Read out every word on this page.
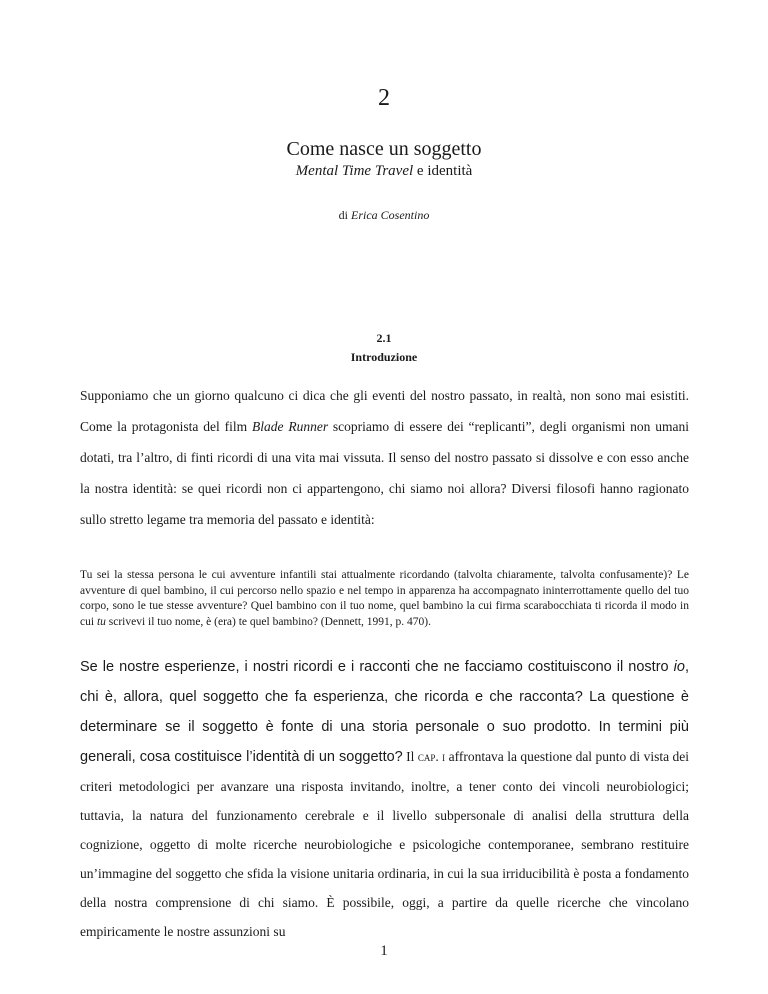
2
Come nasce un soggetto
Mental Time Travel e identità
di Erica Cosentino
2.1
Introduzione

Supponiamo che un giorno qualcuno ci dica che gli eventi del nostro passato, in realtà, non sono mai esistiti. Come la protagonista del film Blade Runner scopriamo di essere dei “replicanti”, degli organismi non umani dotati, tra l’altro, di finti ricordi di una vita mai vissuta. Il senso del nostro passato si dissolve e con esso anche la nostra identità: se quei ricordi non ci appartengono, chi siamo noi allora? Diversi filosofi hanno ragionato sullo stretto legame tra memoria del passato e identità:

Tu sei la stessa persona le cui avventure infantili stai attualmente ricordando (talvolta chiaramente, talvolta confusamente)? Le avventure di quel bambino, il cui percorso nello spazio e nel tempo in apparenza ha accompagnato ininterrottamente quello del tuo corpo, sono le tue stesse avventure? Quel bambino con il tuo nome, quel bambino la cui firma scarabocchiata ti ricorda il modo in cui tu scrivevi il tuo nome, è (era) te quel bambino? (Dennett, 1991, p. 470).

Se le nostre esperienze, i nostri ricordi e i racconti che ne facciamo costituiscono il nostro io, chi è, allora, quel soggetto che fa esperienza, che ricorda e che racconta? La questione è determinare se il soggetto è fonte di una storia personale o suo prodotto. In termini più generali, cosa costituisce l’identità di un soggetto? Il cap. i affrontava la questione dal punto di vista dei criteri metodologici per avanzare una risposta invitando, inoltre, a tener conto dei vincoli neurobiologici; tuttavia, la natura del funzionamento cerebrale e il livello subpersonale di analisi della struttura della cognizione, oggetto di molte ricerche neurobiologiche e psicologiche contemporanee, sembrano restituire un’immagine del soggetto che sfida la visione unitaria ordinaria, in cui la sua irriducibilità è posta a fondamento della nostra comprensione di chi siamo. È possibile, oggi, a partire da quelle ricerche che vincolano empiricamente le nostre assunzioni su

1
